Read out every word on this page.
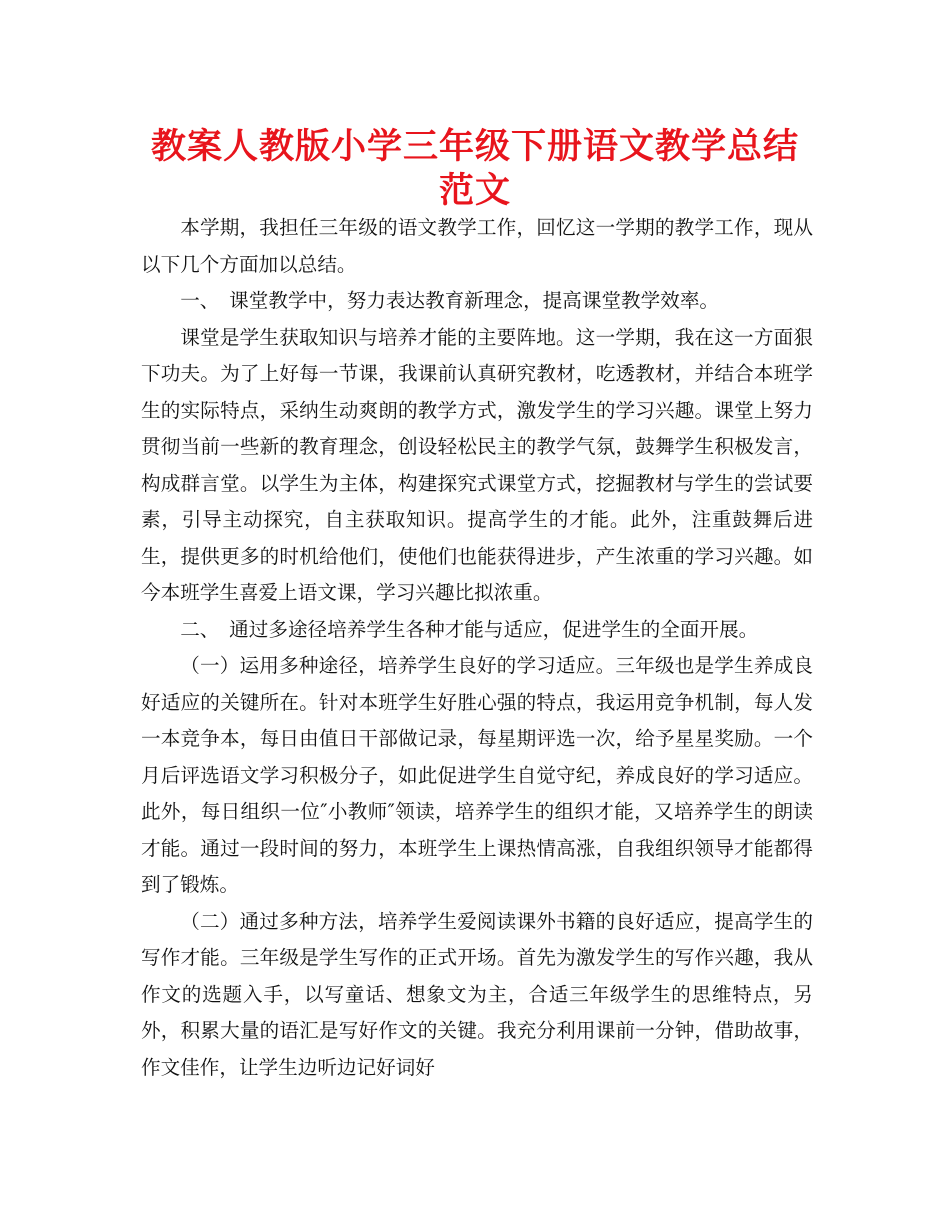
教案人教版小学三年级下册语文教学总结
范文

本学期，我担任三年级的语文教学工作，回忆这一学期的教学工作，现从以下几个方面加以总结。

一、　课堂教学中，努力表达教育新理念，提高课堂教学效率。

课堂是学生获取知识与培养才能的主要阵地。这一学期，我在这一方面狠下功夫。为了上好每一节课，我课前认真研究教材，吃透教材，并结合本班学生的实际特点，采纳生动爽朗的教学方式，激发学生的学习兴趣。课堂上努力贯彻当前一些新的教育理念，创设轻松民主的教学气氛，鼓舞学生积极发言，构成群言堂。以学生为主体，构建探究式课堂方式，挖掘教材与学生的尝试要素，引导主动探究，自主获取知识。提高学生的才能。此外，注重鼓舞后进生，提供更多的时机给他们，使他们也能获得进步，产生浓重的学习兴趣。如今本班学生喜爱上语文课，学习兴趣比拟浓重。

二、　通过多途径培养学生各种才能与适应，促进学生的全面开展。

（一）运用多种途径，培养学生良好的学习适应。三年级也是学生养成良好适应的关键所在。针对本班学生好胜心强的特点，我运用竞争机制，每人发一本竞争本，每日由值日干部做记录，每星期评选一次，给予星星奖励。一个月后评选语文学习积极分子，如此促进学生自觉守纪，养成良好的学习适应。此外，每日组织一位″小教师″领读，培养学生的组织才能，又培养学生的朗读才能。通过一段时间的努力，本班学生上课热情高涨，自我组织领导才能都得到了锻炼。

（二）通过多种方法，培养学生爱阅读课外书籍的良好适应，提高学生的写作才能。三年级是学生写作的正式开场。首先为激发学生的写作兴趣，我从作文的选题入手，以写童话、想象文为主，合适三年级学生的思维特点，另外，积累大量的语汇是写好作文的关键。我充分利用课前一分钟，借助故事，作文佳作，让学生边听边记好词好
